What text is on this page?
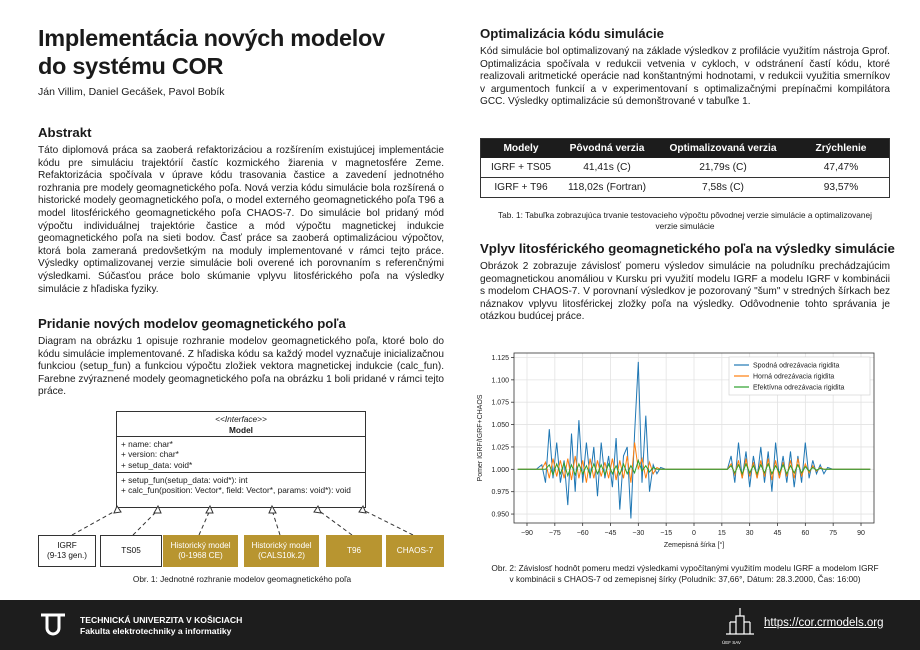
Implementácia nových modelov
do systému COR
Ján Villim, Daniel Gecášek, Pavol Bobík
Abstrakt
Táto diplomová práca sa zaoberá refaktorizáciou a rozšírením existujúcej implementácie kódu pre simuláciu trajektórií častíc kozmického žiarenia v magnetosfére Zeme. Refaktorizácia spočívala v úprave kódu trasovania častice a zavedení jednotného rozhrania pre modely geomagnetického poľa. Nová verzia kódu simulácie bola rozšírená o historické modely geomagnetického poľa, o model externého geomagnetického poľa T96 a model litosférického geomagnetického poľa CHAOS-7. Do simulácie bol pridaný mód výpočtu individuálnej trajektórie častice a mód výpočtu magnetickej indukcie geomagnetického poľa na sieti bodov. Časť práce sa zaoberá optimalizáciou výpočtov, ktorá bola zameraná predovšetkým na moduly implementované v rámci tejto práce. Výsledky optimalizovanej verzie simulácie boli overené ich porovnaním s referenčnými výsledkami. Súčasťou práce bolo skúmanie vplyvu litosférického poľa na výsledky simulácie z hľadiska fyziky.
Pridanie nových modelov geomagnetického poľa
Diagram na obrázku 1 opisuje rozhranie modelov geomagnetického poľa, ktoré bolo do kódu simulácie implementované. Z hľadiska kódu sa každý model vyznačuje inicializačnou funkciou (setup_fun) a funkciou výpočtu zložiek vektora magnetickej indukcie (calc_fun). Farebne zvýraznené modely geomagnetického poľa na obrázku 1 boli pridané v rámci tejto práce.
<<Interface>>
Model
+ name: char*
+ version: char*
+ setup_data: void*
+ setup_fun(setup_data: void*): int
+ calc_fun(position: Vector*, field: Vector*, params: void*): void
IGRF
(9-13 gen.)
TS05
Historický model
(0-1968 CE)
Historický model
(CALS10k.2)
T96	CHAOS-7
Obr. 1: Jednotné rozhranie modelov geomagnetického poľa
Optimalizácia kódu simulácie
Kód simulácie bol optimalizovaný na základe výsledkov z profilácie využitím nástroja Gprof. Optimalizácia spočívala v redukcii vetvenia v cykloch, v odstránení častí kódu, ktoré realizovali aritmetické operácie nad konštantnými hodnotami, v redukcii využitia smerníkov v argumentoch funkcií a v experimentovaní s optimalizačnými prepínačmi kompilátora GCC. Výsledky optimalizácie sú demonštrované v tabuľke 1.
Modely	Pôvodná verzia	Optimalizovaná verzia	Zrýchlenie
IGRF + TS05	41,41s (C)	21,79s (C)	47,47%
IGRF + T96	118,02s (Fortran)	7,58s (C)	93,57%
Tab. 1: Tabuľka zobrazujúca trvanie testovacieho výpočtu pôvodnej verzie simulácie a optimalizovanej
verzie simulácie
Vplyv litosférického geomagnetického poľa na výsledky simulácie
Obrázok 2 zobrazuje závislosť pomeru výsledov simulácie na poludníku prechádzajúcim geomagnetickou anomáliou v Kursku pri využití modelu IGRF a modelu IGRF v kombinácii s modelom CHAOS-7. V porovnaní výsledkov je pozorovaný "šum" v stredných šírkach bez náznakov vplyvu litosférickej zložky poľa na výsledky. Odôvodnenie tohto správania je otázkou budúcej práce.
−90 −75 −60 −45 −30 −15	0	15	30	45	60	75	90
0.950
0.975
1.000
1.025
1.050
1.075
1.100
1.125
Zemepisná šírka [°]
Pomer IGRF/IGRF+CHAOS
Spodná odrezávacia rigidita
Horná odrezávacia rigidita
Efektívna odrezávacia rigidita
Obr. 2: Závislosť hodnôt pomeru medzi výsledkami vypočítanými využitím modelu IGRF a modelom IGRF
v kombinácii s CHAOS-7 od zemepisnej šírky (Poludník: 37,66°, Dátum: 28.3.2000, Čas: 16:00)
TECHNICKÁ UNIVERZITA V KOŠICIACH
Fakulta elektrotechniky a informatiky
ÚEF SAV
https://cor.crmodels.org
